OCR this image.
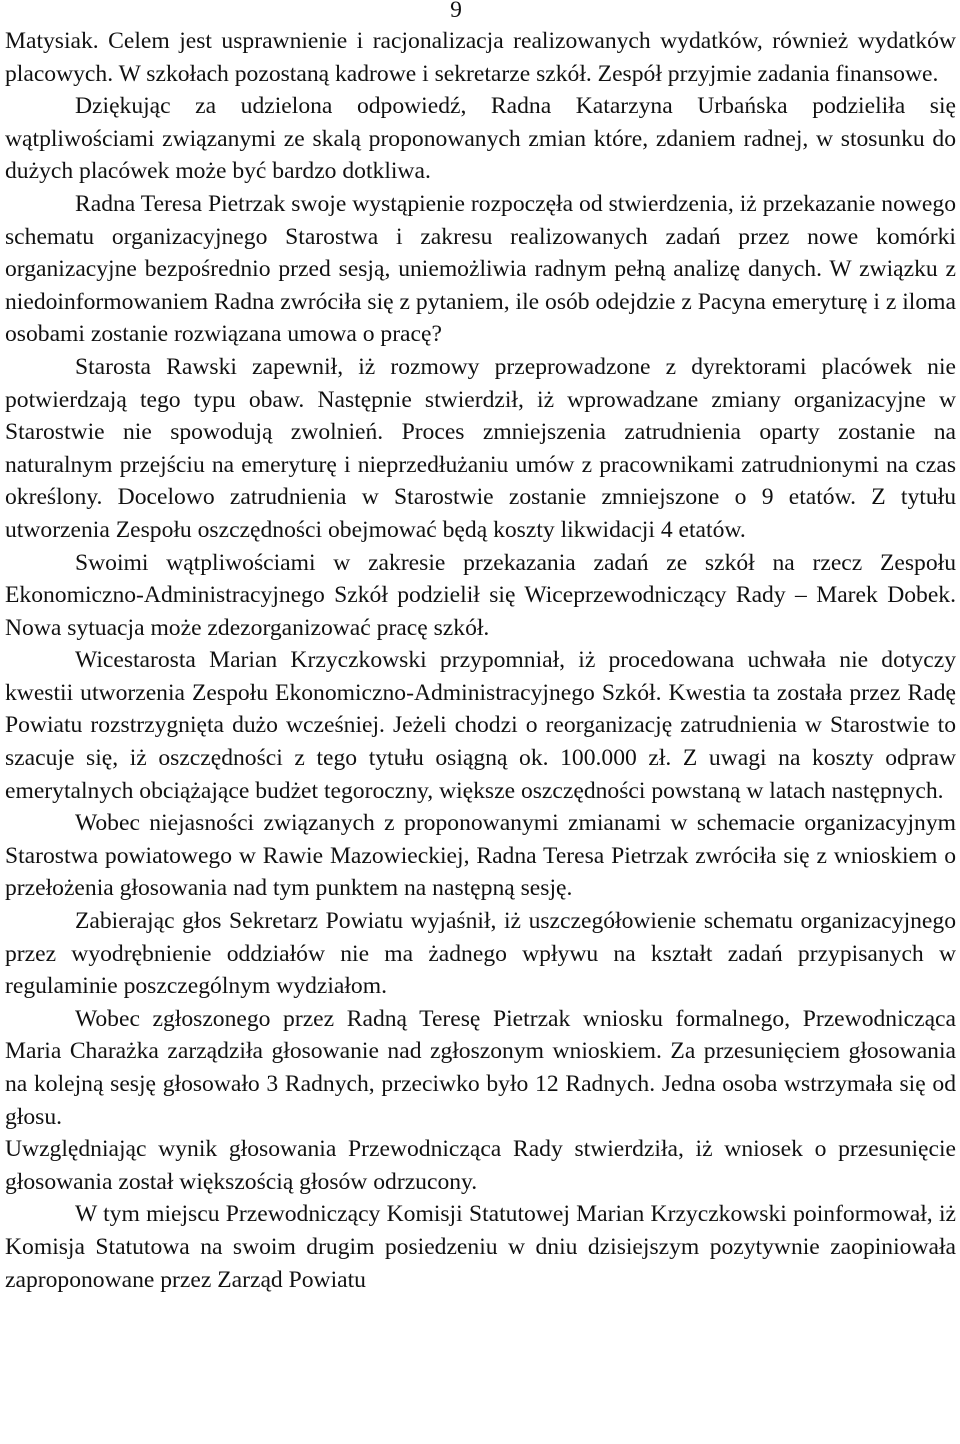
9

Matysiak. Celem jest usprawnienie i racjonalizacja realizowanych wydatków, również wydatków placowych. W szkołach pozostaną kadrowe i sekretarze szkół. Zespół przyjmie zadania finansowe.

Dziękując za udzielona odpowiedź, Radna Katarzyna Urbańska podzieliła się wątpliwościami związanymi ze skalą proponowanych zmian które, zdaniem radnej, w stosunku do dużych placówek może być bardzo dotkliwa.

Radna Teresa Pietrzak swoje wystąpienie rozpoczęła od stwierdzenia, iż przekazanie nowego schematu organizacyjnego Starostwa i zakresu realizowanych zadań przez nowe komórki organizacyjne bezpośrednio przed sesją, uniemożliwia radnym pełną analizę danych. W związku z niedoinformowaniem Radna zwróciła się z pytaniem, ile osób odejdzie z Pacyna emeryturę i z iloma osobami zostanie rozwiązana umowa o pracę?

Starosta Rawski zapewnił, iż rozmowy przeprowadzone z dyrektorami placówek nie potwierdzają tego typu obaw. Następnie stwierdził, iż wprowadzane zmiany organizacyjne w Starostwie nie spowodują zwolnień. Proces zmniejszenia zatrudnienia oparty zostanie na naturalnym przejściu na emeryturę i nieprzedłużaniu umów z pracownikami zatrudnionymi na czas określony. Docelowo zatrudnienia w Starostwie zostanie zmniejszone o 9 etatów. Z tytułu utworzenia Zespołu oszczędności obejmować będą koszty likwidacji 4 etatów.

Swoimi wątpliwościami w zakresie przekazania zadań ze szkół na rzecz Zespołu Ekonomiczno-Administracyjnego Szkół podzielił się Wiceprzewodniczący Rady – Marek Dobek. Nowa sytuacja może zdezorganizować pracę szkół.

Wicestarosta Marian Krzyczkowski przypomniał, iż procedowana uchwała nie dotyczy kwestii utworzenia Zespołu Ekonomiczno-Administracyjnego Szkół. Kwestia ta została przez Radę Powiatu rozstrzygnięta dużo wcześniej. Jeżeli chodzi o reorganizację zatrudnienia w Starostwie to szacuje się, iż oszczędności z tego tytułu osiągną ok. 100.000 zł. Z uwagi na koszty odpraw emerytalnych obciążające budżet tegoroczny, większe oszczędności powstaną w latach następnych.

Wobec niejasności związanych z proponowanymi zmianami w schemacie organizacyjnym Starostwa powiatowego w Rawie Mazowieckiej, Radna Teresa Pietrzak zwróciła się z wnioskiem o przełożenia głosowania nad tym punktem na następną sesję.

Zabierając głos Sekretarz Powiatu wyjaśnił, iż uszczegółowienie schematu organizacyjnego przez wyodrębnienie oddziałów nie ma żadnego wpływu na kształt zadań przypisanych w regulaminie poszczególnym wydziałom.

Wobec zgłoszonego przez Radną Teresę Pietrzak wniosku formalnego, Przewodnicząca Maria Charażka zarządziła głosowanie nad zgłoszonym wnioskiem. Za przesunięciem głosowania na kolejną sesję głosowało 3 Radnych, przeciwko było 12 Radnych. Jedna osoba wstrzymała się od głosu.

Uwzględniając wynik głosowania Przewodnicząca Rady stwierdziła, iż wniosek o przesunięcie głosowania został większością głosów odrzucony.

W tym miejscu Przewodniczący Komisji Statutowej Marian Krzyczkowski poinformował, iż Komisja Statutowa na swoim drugim posiedzeniu w dniu dzisiejszym pozytywnie zaopiniowała zaproponowane przez Zarząd Powiatu
